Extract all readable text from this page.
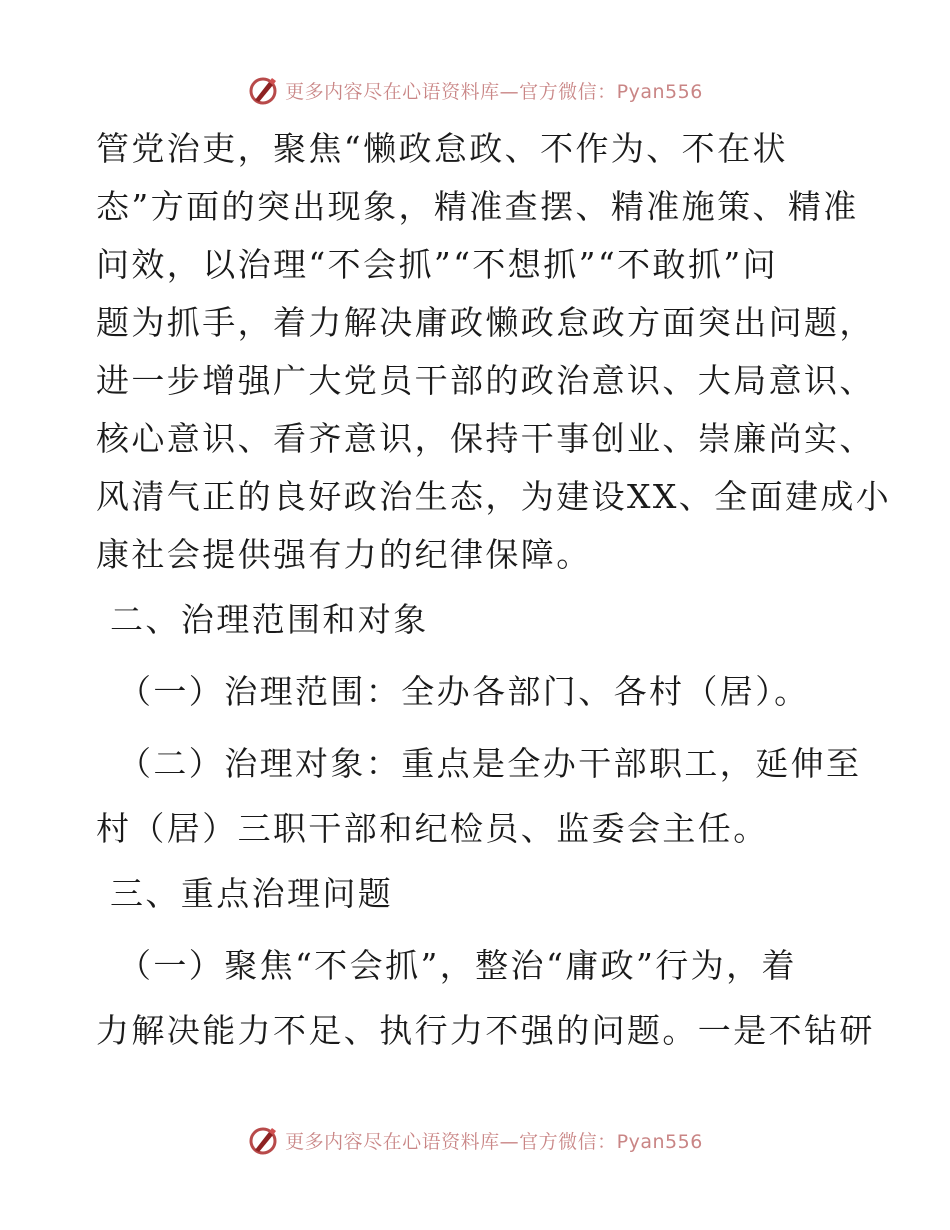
更多内容尽在心语资料库—官方微信：Pyan556
管党治吏，聚焦“懒政怠政、不作为、不在状
态”方面的突出现象，精准查摆、精准施策、精准
问效，以治理“不会抓”“不想抓”“不敢抓”问
题为抓手，着力解决庸政懒政怠政方面突出问题，
进一步增强广大党员干部的政治意识、大局意识、
核心意识、看齐意识，保持干事创业、崇廉尚实、
风清气正的良好政治生态，为建设XX、全面建成小
康社会提供强有力的纪律保障。
二、治理范围和对象
（一）治理范围：全办各部门、各村（居）。
（二）治理对象：重点是全办干部职工，延伸至
村（居）三职干部和纪检员、监委会主任。
三、重点治理问题
（一）聚焦“不会抓”，整治“庸政”行为，着
力解决能力不足、执行力不强的问题。一是不钻研
更多内容尽在心语资料库—官方微信：Pyan556
